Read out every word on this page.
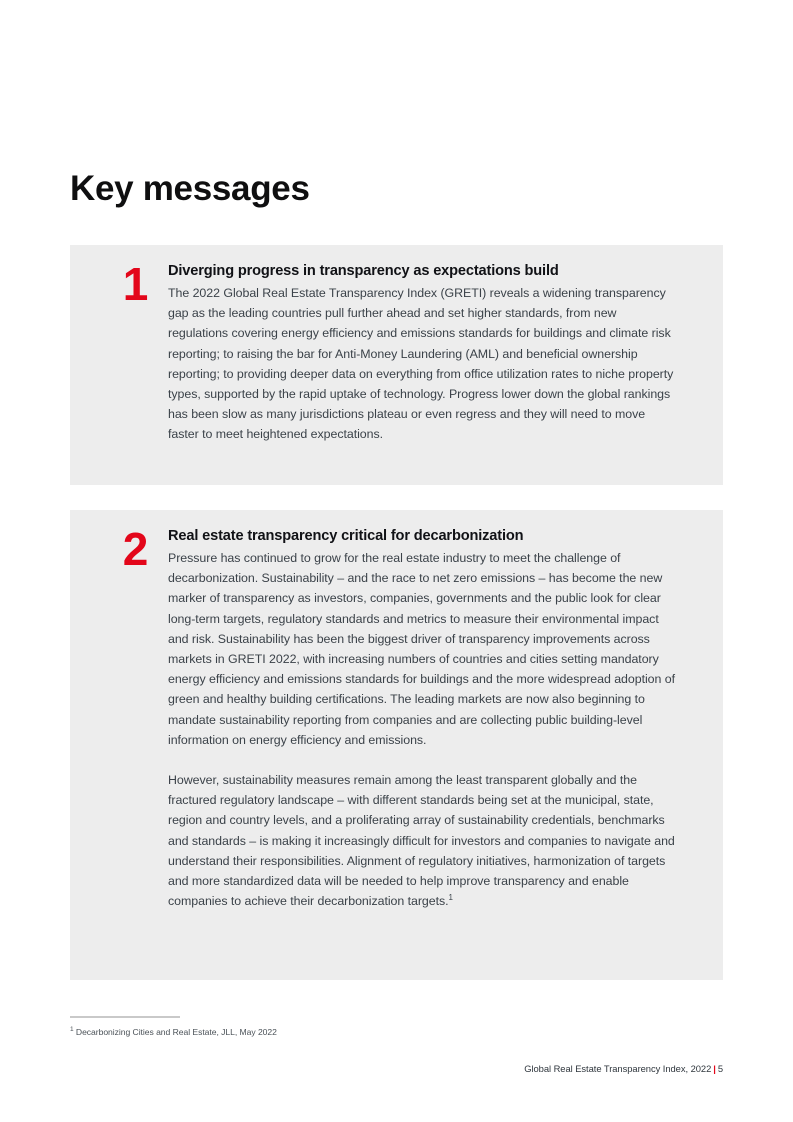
Key messages
1	Diverging progress in transparency as expectations build

The 2022 Global Real Estate Transparency Index (GRETI) reveals a widening transparency gap as the leading countries pull further ahead and set higher standards, from new regulations covering energy efficiency and emissions standards for buildings and climate risk reporting; to raising the bar for Anti-Money Laundering (AML) and beneficial ownership reporting; to providing deeper data on everything from office utilization rates to niche property types, supported by the rapid uptake of technology. Progress lower down the global rankings has been slow as many jurisdictions plateau or even regress and they will need to move faster to meet heightened expectations.

2	Real estate transparency critical for decarbonization

Pressure has continued to grow for the real estate industry to meet the challenge of decarbonization. Sustainability – and the race to net zero emissions – has become the new marker of transparency as investors, companies, governments and the public look for clear long-term targets, regulatory standards and metrics to measure their environmental impact and risk. Sustainability has been the biggest driver of transparency improvements across markets in GRETI 2022, with increasing numbers of countries and cities setting mandatory energy efficiency and emissions standards for buildings and the more widespread adoption of green and healthy building certifications. The leading markets are now also beginning to mandate sustainability reporting from companies and are collecting public building-level information on energy efficiency and emissions.

However, sustainability measures remain among the least transparent globally and the fractured regulatory landscape – with different standards being set at the municipal, state, region and country levels, and a proliferating array of sustainability credentials, benchmarks and standards – is making it increasingly difficult for investors and companies to navigate and understand their responsibilities. Alignment of regulatory initiatives, harmonization of targets and more standardized data will be needed to help improve transparency and enable companies to achieve their decarbonization targets.$^1$

$^1$ Decarbonizing Cities and Real Estate, JLL, May 2022
Global Real Estate Transparency Index, 2022 | 5
